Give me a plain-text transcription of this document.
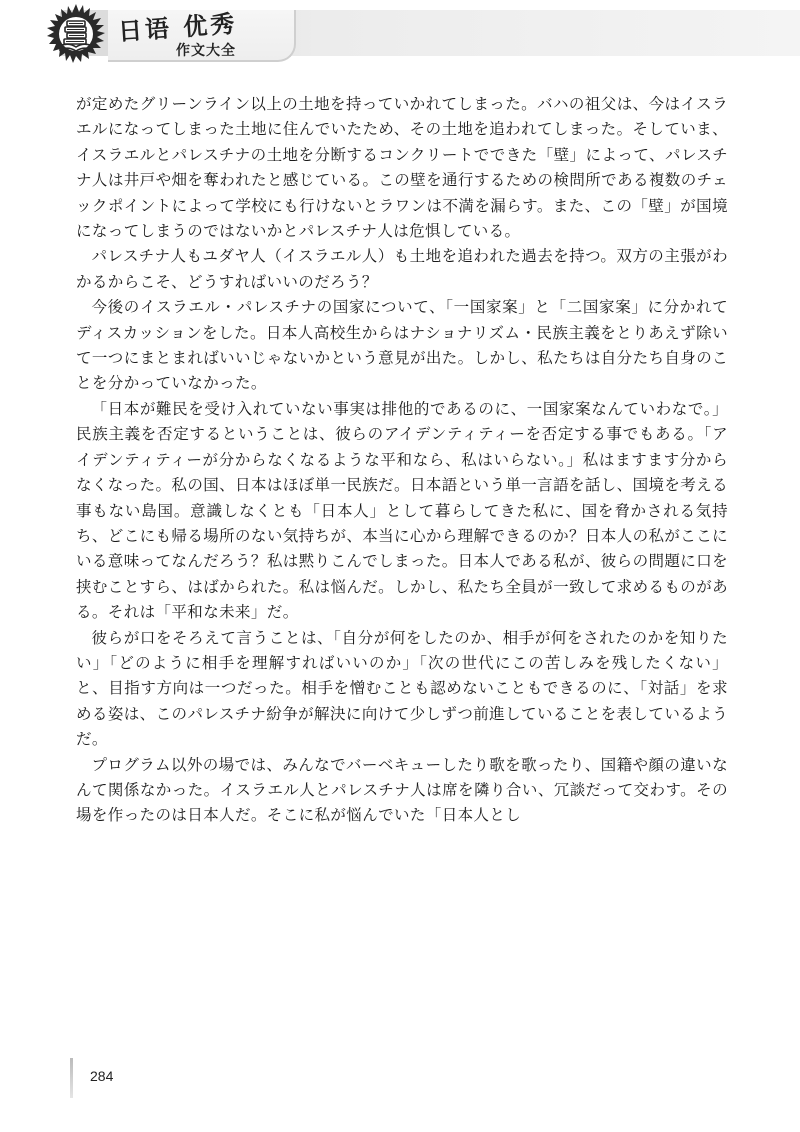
日语 优秀
作文大全

が定めたグリーンライン以上の土地を持っていかれてしまった。バハの祖父は、今はイスラエルになってしまった土地に住んでいたため、その土地を追われてしまった。そしていま、イスラエルとパレスチナの土地を分断するコンクリートでできた「壁」によって、パレスチナ人は井戸や畑を奪われたと感じている。この壁を通行するための検問所である複数のチェックポイントによって学校にも行けないとラワンは不満を漏らす。また、この「壁」が国境になってしまうのではないかとパレスチナ人は危惧している。

パレスチナ人もユダヤ人（イスラエル人）も土地を追われた過去を持つ。双方の主張がわかるからこそ、どうすればいいのだろう？

今後のイスラエル・パレスチナの国家について、「一国家案」と「二国家案」に分かれてディスカッションをした。日本人高校生からはナショナリズム・民族主義をとりあえず除いて一つにまとまればいいじゃないかという意見が出た。しかし、私たちは自分たち自身のことを分かっていなかった。

「日本が難民を受け入れていない事実は排他的であるのに、一国家案なんていわなで。」民族主義を否定するということは、彼らのアイデンティティーを否定する事でもある。「アイデンティティーが分からなくなるような平和なら、私はいらない。」私はますます分からなくなった。私の国、日本はほぼ単一民族だ。日本語という単一言語を話し、国境を考える事もない島国。意識しなくとも「日本人」として暮らしてきた私に、国を脅かされる気持ち、どこにも帰る場所のない気持ちが、本当に心から理解できるのか？日本人の私がここにいる意味ってなんだろう？私は黙りこんでしまった。日本人である私が、彼らの問題に口を挟むことすら、はばかられた。私は悩んだ。しかし、私たち全員が一致して求めるものがある。それは「平和な未来」だ。

彼らが口をそろえて言うことは、「自分が何をしたのか、相手が何をされたのかを知りたい」「どのように相手を理解すればいいのか」「次の世代にこの苦しみを残したくない」と、目指す方向は一つだった。相手を憎むことも認めないこともできるのに、「対話」を求める姿は、このパレスチナ紛争が解決に向けて少しずつ前進していることを表しているようだ。

プログラム以外の場では、みんなでバーベキューしたり歌を歌ったり、国籍や顔の違いなんて関係なかった。イスラエル人とパレスチナ人は席を隣り合い、冗談だって交わす。その場を作ったのは日本人だ。そこに私が悩んでいた「日本人とし

284
